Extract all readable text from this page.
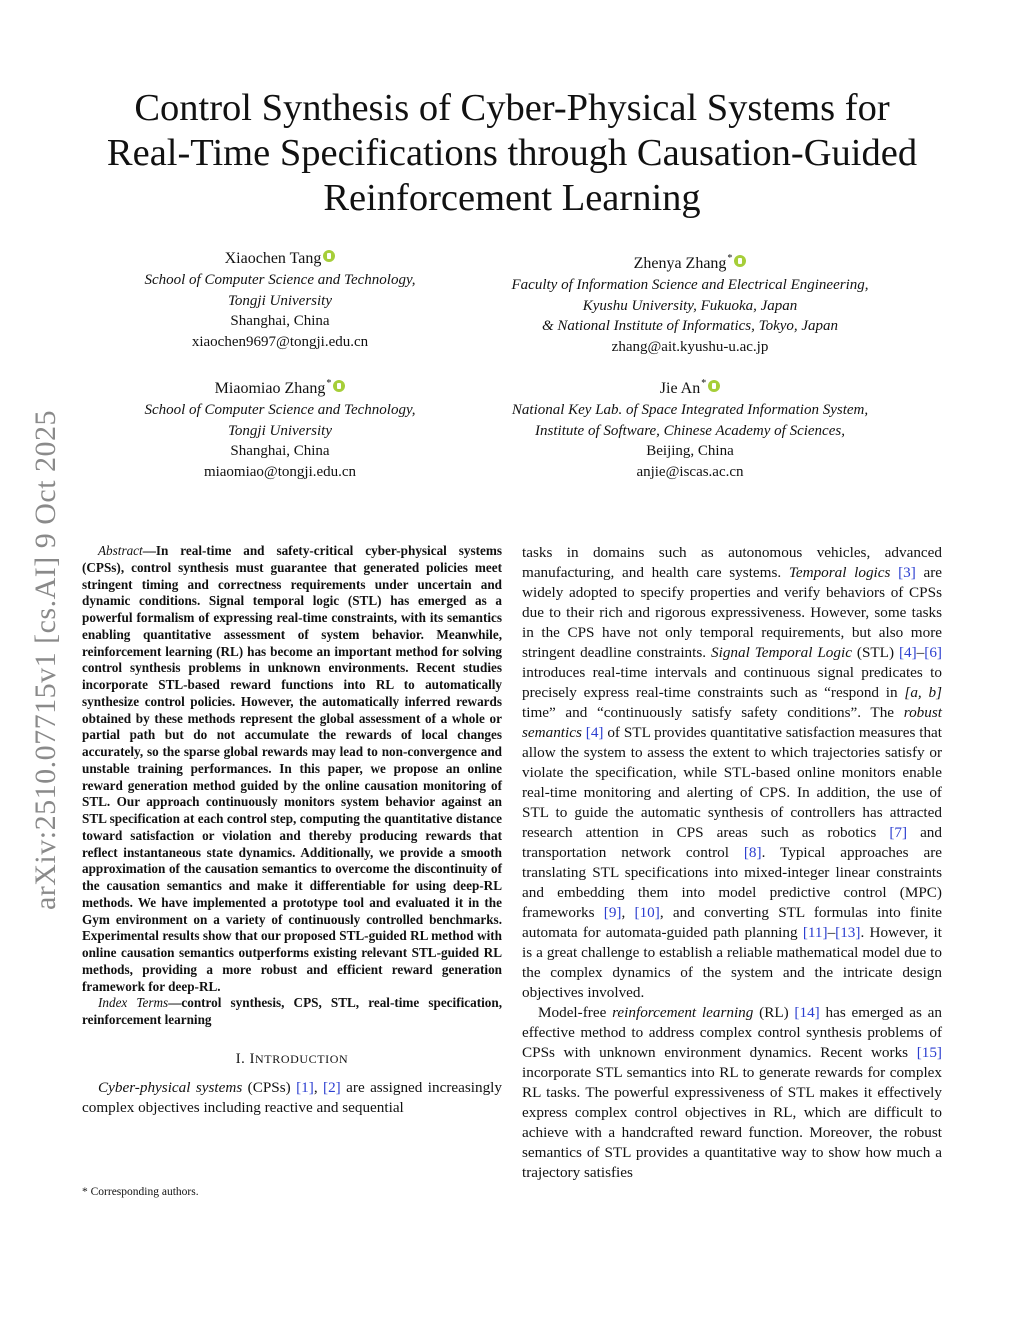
arXiv:2510.07715v1 [cs.AI] 9 Oct 2025
Control Synthesis of Cyber-Physical Systems for
Real-Time Specifications through Causation-Guided
Reinforcement Learning
Xiaochen Tang
School of Computer Science and Technology,
Tongji University
Shanghai, China
xiaochen9697@tongji.edu.cn
Zhenya Zhang*
Faculty of Information Science and Electrical Engineering,
Kyushu University, Fukuoka, Japan
& National Institute of Informatics, Tokyo, Japan
zhang@ait.kyushu-u.ac.jp
Miaomiao Zhang*
School of Computer Science and Technology,
Tongji University
Shanghai, China
miaomiao@tongji.edu.cn
Jie An*
National Key Lab. of Space Integrated Information System,
Institute of Software, Chinese Academy of Sciences,
Beijing, China
anjie@iscas.ac.cn

Abstract—In real-time and safety-critical cyber-physical systems (CPSs), control synthesis must guarantee that generated policies meet stringent timing and correctness requirements under uncertain and dynamic conditions. Signal temporal logic (STL) has emerged as a powerful formalism of expressing real-time constraints, with its semantics enabling quantitative assessment of system behavior. Meanwhile, reinforcement learning (RL) has become an important method for solving control synthesis problems in unknown environments. Recent studies incorporate STL-based reward functions into RL to automatically synthesize control policies. However, the automatically inferred rewards obtained by these methods represent the global assessment of a whole or partial path but do not accumulate the rewards of local changes accurately, so the sparse global rewards may lead to non-convergence and unstable training performances. In this paper, we propose an online reward generation method guided by the online causation monitoring of STL. Our approach continuously monitors system behavior against an STL specification at each control step, computing the quantitative distance toward satisfaction or violation and thereby producing rewards that reflect instantaneous state dynamics. Additionally, we provide a smooth approximation of the causation semantics to overcome the discontinuity of the causation semantics and make it differentiable for using deep-RL methods. We have implemented a prototype tool and evaluated it in the Gym environment on a variety of continuously controlled benchmarks. Experimental results show that our proposed STL-guided RL method with online causation semantics outperforms existing relevant STL-guided RL methods, providing a more robust and efficient reward generation framework for deep-RL.

Index Terms—control synthesis, CPS, STL, real-time specification, reinforcement learning

I. INTRODUCTION

Cyber-physical systems (CPSs) [1], [2] are assigned increasingly complex objectives including reactive and sequential

tasks in domains such as autonomous vehicles, advanced manufacturing, and health care systems. Temporal logics [3] are widely adopted to specify properties and verify behaviors of CPSs due to their rich and rigorous expressiveness. However, some tasks in the CPS have not only temporal requirements, but also more stringent deadline constraints. Signal Temporal Logic (STL) [4]–[6] introduces real-time intervals and continuous signal predicates to precisely express real-time constraints such as “respond in [a, b] time” and “continuously satisfy safety conditions”. The robust semantics [4] of STL provides quantitative satisfaction measures that allow the system to assess the extent to which trajectories satisfy or violate the specification, while STL-based online monitors enable real-time monitoring and alerting of CPS. In addition, the use of STL to guide the automatic synthesis of controllers has attracted research attention in CPS areas such as robotics [7] and transportation network control [8]. Typical approaches are translating STL specifications into mixed-integer linear constraints and embedding them into model predictive control (MPC) frameworks [9], [10], and converting STL formulas into finite automata for automata-guided path planning [11]–[13]. However, it is a great challenge to establish a reliable mathematical model due to the complex dynamics of the system and the intricate design objectives involved.

Model-free reinforcement learning (RL) [14] has emerged as an effective method to address complex control synthesis problems of CPSs with unknown environment dynamics. Recent works [15] incorporate STL semantics into RL to generate rewards for complex RL tasks. The powerful expressiveness of STL makes it effectively express complex control objectives in RL, which are difficult to achieve with a handcrafted reward function. Moreover, the robust semantics of STL provides a quantitative way to show how much a trajectory satisfies

* Corresponding authors.
